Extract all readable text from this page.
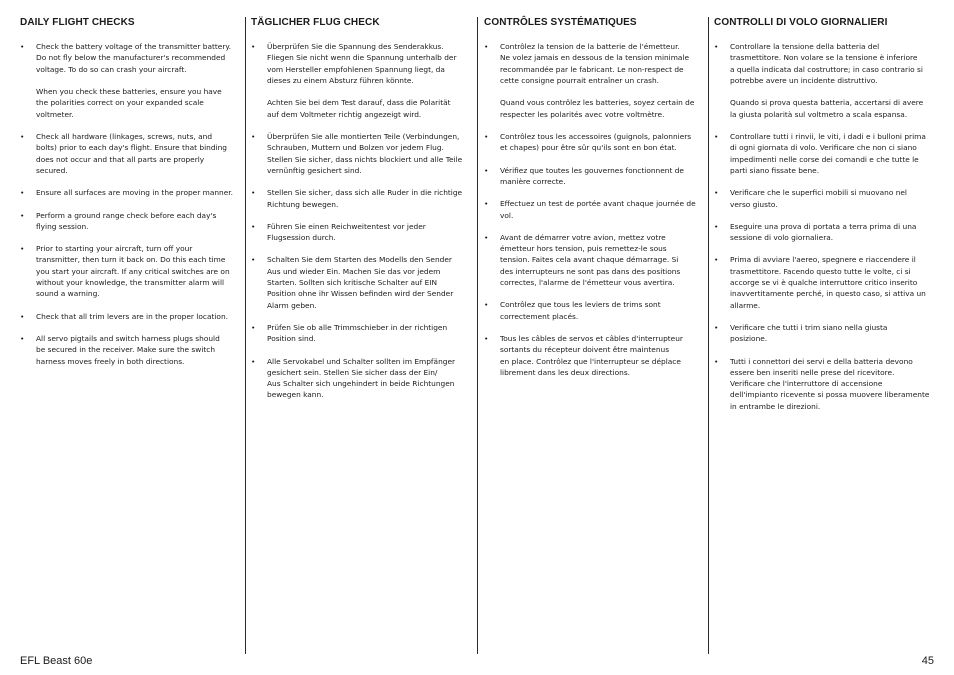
DAILY FLIGHT CHECKS
•	Check the battery voltage of the transmitter battery.
Do not fly below the manufacturer's recommended
voltage. To do so can crash your aircraft.

When you check these batteries, ensure you have
the polarities correct on your expanded scale
voltmeter.
•	Check all hardware (linkages, screws, nuts, and
bolts) prior to each day's flight. Ensure that binding
does not occur and that all parts are properly
secured.
•	Ensure all surfaces are moving in the proper manner.
•	Perform a ground range check before each day's
flying session.
•	Prior to starting your aircraft, turn off your
transmitter, then turn it back on. Do this each time
you start your aircraft. If any critical switches are on
without your knowledge, the transmitter alarm will
sound a warning.
•	Check that all trim levers are in the proper location.
•	All servo pigtails and switch harness plugs should
be secured in the receiver. Make sure the switch
harness moves freely in both directions.
TÄGLICHER FLUG CHECK
•	Überprüfen Sie die Spannung des Senderakkus.
Fliegen Sie nicht wenn die Spannung unterhalb der
vom Hersteller empfohlenen Spannung liegt, da
dieses zu einem Absturz führen könnte.

Achten Sie bei dem Test darauf, dass die Polarität
auf dem Voltmeter richtig angezeigt wird.
•	Überprüfen Sie alle montierten Teile (Verbindungen,
Schrauben, Muttern und Bolzen vor jedem Flug.
Stellen Sie sicher, dass nichts blockiert und alle Teile
vernünftig gesichert sind.
•	Stellen Sie sicher, dass sich alle Ruder in die richtige
Richtung bewegen.
•	Führen Sie einen Reichweitentest vor jeder
Flugsession durch.
•	Schalten Sie dem Starten des Modells den Sender
Aus und wieder Ein. Machen Sie das vor jedem
Starten. Sollten sich kritische Schalter auf EIN
Position ohne ihr Wissen befinden wird der Sender
Alarm geben.
•	Prüfen Sie ob alle Trimmschieber in der richtigen
Position sind.
•	Alle Servokabel und Schalter sollten im Empfänger
gesichert sein. Stellen Sie sicher dass der Ein/
Aus Schalter sich ungehindert in beide Richtungen
bewegen kann.
CONTRÔLES SYSTÉMATIQUES
•	Contrôlez la tension de la batterie de l'émetteur.
Ne volez jamais en dessous de la tension minimale
recommandée par le fabricant. Le non-respect de
cette consigne pourrait entraîner un crash.

Quand vous contrôlez les batteries, soyez certain de
respecter les polarités avec votre voltmètre.
•	Contrôlez tous les accessoires (guignols, palonniers
et chapes) pour être sûr qu'ils sont en bon état.
•	Vérifiez que toutes les gouvernes fonctionnent de
manière correcte.
•	Effectuez un test de portée avant chaque journée de
vol.
•	Avant de démarrer votre avion, mettez votre
émetteur hors tension, puis remettez-le sous
tension. Faites cela avant chaque démarrage. Si
des interrupteurs ne sont pas dans des positions
correctes, l'alarme de l'émetteur vous avertira.
•	Contrôlez que tous les leviers de trims sont
correctement placés.
•	Tous les câbles de servos et câbles d'interrupteur
sortants du récepteur doivent être maintenus
en place. Contrôlez que l'interrupteur se déplace
librement dans les deux directions.
CONTROLLI DI VOLO GIORNALIERI
•	Controllare la tensione della batteria del
trasmettitore. Non volare se la tensione è inferiore
a quella indicata dal costruttore; in caso contrario si
potrebbe avere un incidente distruttivo.

Quando si prova questa batteria, accertarsi di avere
la giusta polarità sul voltmetro a scala espansa.
•	Controllare tutti i rinvii, le viti, i dadi e i bulloni prima
di ogni giornata di volo. Verificare che non ci siano
impedimenti nelle corse dei comandi e che tutte le
parti siano fissate bene.
•	Verificare che le superfici mobili si muovano nel
verso giusto.
•	Eseguire una prova di portata a terra prima di una
sessione di volo giornaliera.
•	Prima di avviare l'aereo, spegnere e riaccendere il
trasmettitore. Facendo questo tutte le volte, ci si
accorge se vi è qualche interruttore critico inserito
inavvertitamente perché, in questo caso, si attiva un
allarme.
•	Verificare che tutti i trim siano nella giusta
posizione.
•	Tutti i connettori dei servi e della batteria devono
essere ben inseriti nelle prese del ricevitore.
Verificare che l'interruttore di accensione
dell'impianto ricevente si possa muovere liberamente
in entrambe le direzioni.
EFL Beast 60e	45
